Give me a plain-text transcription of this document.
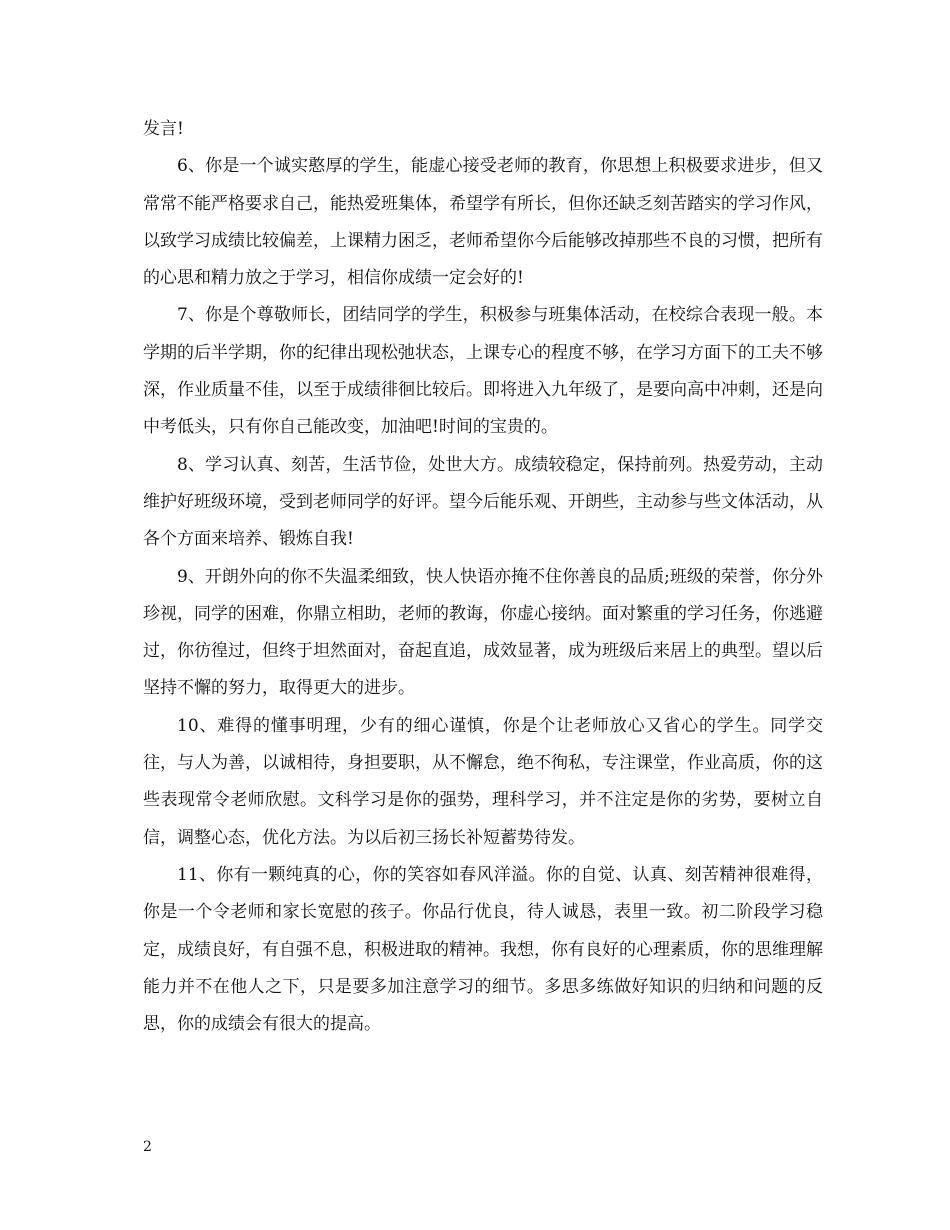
发言!

6、你是一个诚实憨厚的学生，能虚心接受老师的教育，你思想上积极要求进步，但又常常不能严格要求自己，能热爱班集体，希望学有所长，但你还缺乏刻苦踏实的学习作风，以致学习成绩比较偏差，上课精力困乏，老师希望你今后能够改掉那些不良的习惯，把所有的心思和精力放之于学习，相信你成绩一定会好的!

7、你是个尊敬师长，团结同学的学生，积极参与班集体活动，在校综合表现一般。本学期的后半学期，你的纪律出现松弛状态，上课专心的程度不够，在学习方面下的工夫不够深，作业质量不佳，以至于成绩徘徊比较后。即将进入九年级了，是要向高中冲刺，还是向中考低头，只有你自己能改变，加油吧!时间的宝贵的。

8、学习认真、刻苦，生活节俭，处世大方。成绩较稳定，保持前列。热爱劳动，主动维护好班级环境，受到老师同学的好评。望今后能乐观、开朗些，主动参与些文体活动，从各个方面来培养、锻炼自我!

9、开朗外向的你不失温柔细致，快人快语亦掩不住你善良的品质;班级的荣誉，你分外珍视，同学的困难，你鼎立相助，老师的教诲，你虚心接纳。面对繁重的学习任务，你逃避过，你彷徨过，但终于坦然面对，奋起直追，成效显著，成为班级后来居上的典型。望以后坚持不懈的努力，取得更大的进步。

10、难得的懂事明理，少有的细心谨慎，你是个让老师放心又省心的学生。同学交往，与人为善，以诚相待，身担要职，从不懈怠，绝不徇私，专注课堂，作业高质，你的这些表现常令老师欣慰。文科学习是你的强势，理科学习，并不注定是你的劣势，要树立自信，调整心态，优化方法。为以后初三扬长补短蓄势待发。

11、你有一颗纯真的心，你的笑容如春风洋溢。你的自觉、认真、刻苦精神很难得，你是一个令老师和家长宽慰的孩子。你品行优良，待人诚恳，表里一致。初二阶段学习稳定，成绩良好，有自强不息，积极进取的精神。我想，你有良好的心理素质，你的思维理解能力并不在他人之下，只是要多加注意学习的细节。多思多练做好知识的归纳和问题的反思，你的成绩会有很大的提高。

2
